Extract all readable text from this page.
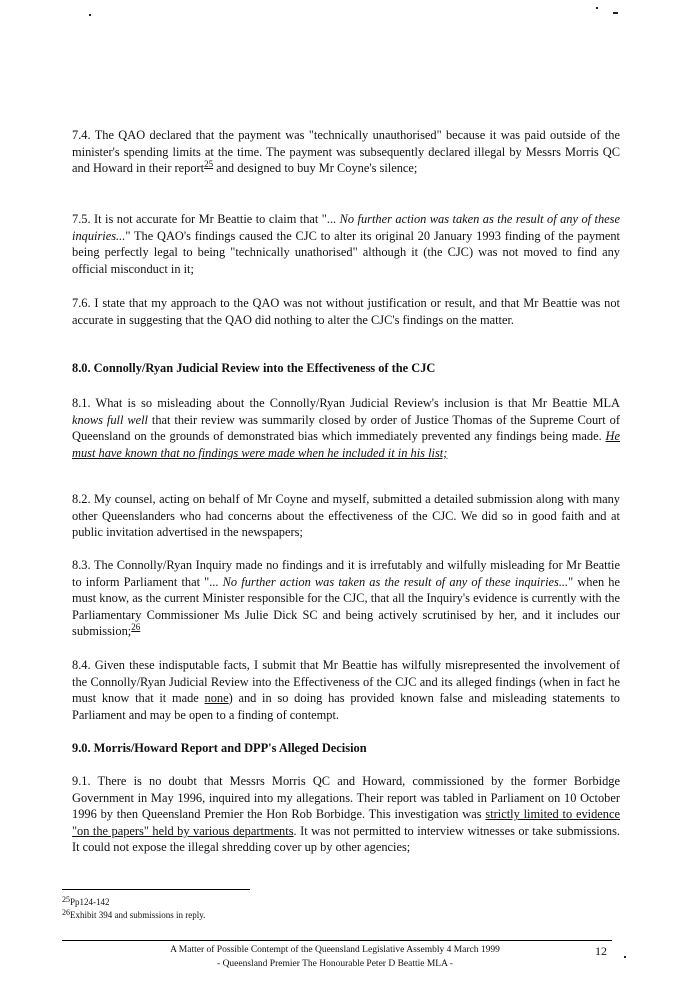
7.4. The QAO declared that the payment was "technically unauthorised" because it was paid outside of the minister's spending limits at the time. The payment was subsequently declared illegal by Messrs Morris QC and Howard in their report$^{25}$ and designed to buy Mr Coyne's silence;

7.5. It is not accurate for Mr Beattie to claim that "... No further action was taken as the result of any of these inquiries..." The QAO's findings caused the CJC to alter its original 20 January 1993 finding of the payment being perfectly legal to being "technically unathorised" although it (the CJC) was not moved to find any official misconduct in it;

7.6. I state that my approach to the QAO was not without justification or result, and that Mr Beattie was not accurate in suggesting that the QAO did nothing to alter the CJC's findings on the matter.

8.0. Connolly/Ryan Judicial Review into the Effectiveness of the CJC

8.1. What is so misleading about the Connolly/Ryan Judicial Review's inclusion is that Mr Beattie MLA knows full well that their review was summarily closed by order of Justice Thomas of the Supreme Court of Queensland on the grounds of demonstrated bias which immediately prevented any findings being made. He must have known that no findings were made when he included it in his list;

8.2. My counsel, acting on behalf of Mr Coyne and myself, submitted a detailed submission along with many other Queenslanders who had concerns about the effectiveness of the CJC. We did so in good faith and at public invitation advertised in the newspapers;

8.3. The Connolly/Ryan Inquiry made no findings and it is irrefutably and wilfully misleading for Mr Beattie to inform Parliament that "... No further action was taken as the result of any of these inquiries..." when he must know, as the current Minister responsible for the CJC, that all the Inquiry's evidence is currently with the Parliamentary Commissioner Ms Julie Dick SC and being actively scrutinised by her, and it includes our submission;$^{26}$

8.4. Given these indisputable facts, I submit that Mr Beattie has wilfully misrepresented the involvement of the Connolly/Ryan Judicial Review into the Effectiveness of the CJC and its alleged findings (when in fact he must know that it made none) and in so doing has provided known false and misleading statements to Parliament and may be open to a finding of contempt.

9.0. Morris/Howard Report and DPP's Alleged Decision

9.1. There is no doubt that Messrs Morris QC and Howard, commissioned by the former Borbidge Government in May 1996, inquired into my allegations. Their report was tabled in Parliament on 10 October 1996 by then Queensland Premier the Hon Rob Borbidge. This investigation was strictly limited to evidence "on the papers" held by various departments. It was not permitted to interview witnesses or take submissions. It could not expose the illegal shredding cover up by other agencies;

$^{25}$Pp124-142

$^{26}$Exhibit 394 and submissions in reply.

A Matter of Possible Contempt of the Queensland Legislative Assembly 4 March 1999

- Queensland Premier The Honourable Peter D Beattie MLA -

12
